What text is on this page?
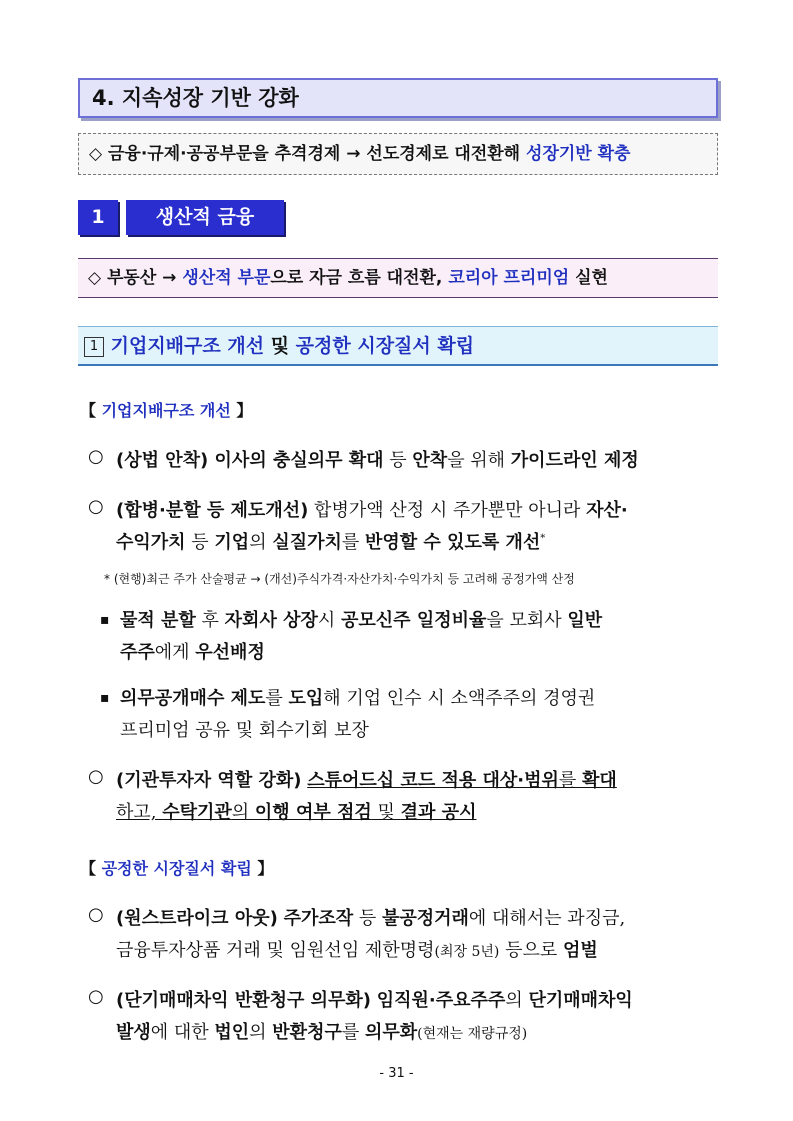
4. 지속성장 기반 강화
◇ 금융·규제·공공부문을 추격경제 → 선도경제로 대전환해 성장기반 확충
1	생산적 금융
◇ 부동산 → 생산적 부문으로 자금 흐름 대전환, 코리아 프리미엄 실현
1 기업지배구조 개선 및 공정한 시장질서 확립
【 기업지배구조 개선 】
○ (상법 안착) 이사의 충실의무 확대 등 안착을 위해 가이드라인 제정
○ (합병·분할 등 제도개선) 합병가액 산정 시 주가뿐만 아니라 자산·
수익가치 등 기업의 실질가치를 반영할 수 있도록 개선*
* (현행)최근 주가 산술평균 → (개선)주식가격·자산가치·수익가치 등 고려해 공정가액 산정
▪ 물적 분할 후 자회사 상장시 공모신주 일정비율을 모회사 일반
주주에게 우선배정
▪ 의무공개매수 제도를 도입해 기업 인수 시 소액주주의 경영권
프리미엄 공유 및 회수기회 보장
○ (기관투자자 역할 강화) 스튜어드십 코드 적용 대상·범위를 확대
하고, 수탁기관의 이행 여부 점검 및 결과 공시
【 공정한 시장질서 확립 】
○ (원스트라이크 아웃) 주가조작 등 불공정거래에 대해서는 과징금,
금융투자상품 거래 및 임원선임 제한명령(최장 5년) 등으로 엄벌
○ (단기매매차익 반환청구 의무화) 임직원·주요주주의 단기매매차익
발생에 대한 법인의 반환청구를 의무화(현재는 재량규정)
- 31 -
